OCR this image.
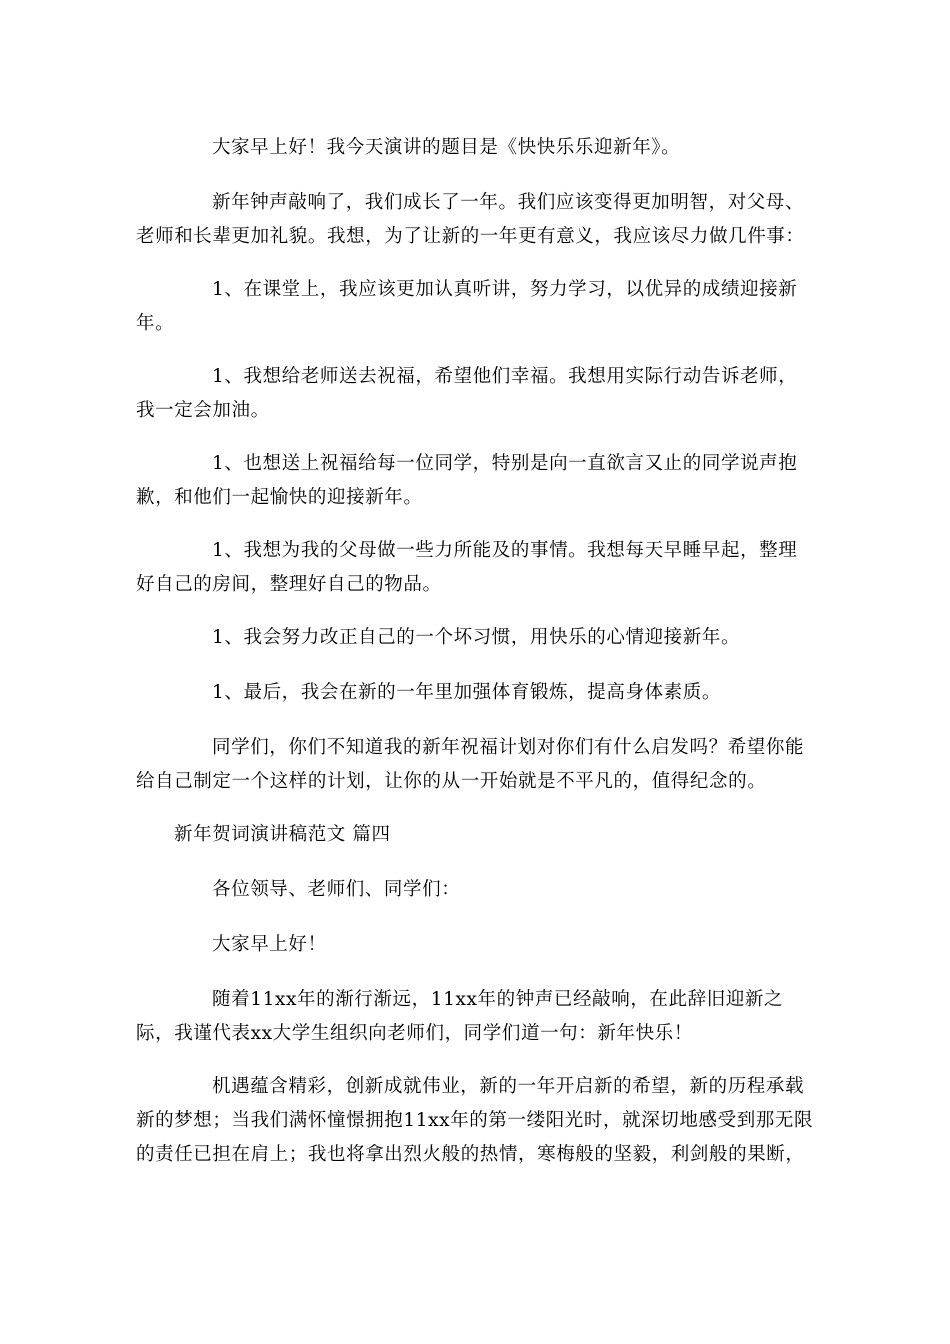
大家早上好！我今天演讲的题目是《快快乐乐迎新年》。

新年钟声敲响了，我们成长了一年。我们应该变得更加明智，对父母、老师和长辈更加礼貌。我想，为了让新的一年更有意义，我应该尽力做几件事：

1、在课堂上，我应该更加认真听讲，努力学习，以优异的成绩迎接新年。

1、我想给老师送去祝福，希望他们幸福。我想用实际行动告诉老师，我一定会加油。

1、也想送上祝福给每一位同学，特别是向一直欲言又止的同学说声抱歉，和他们一起愉快的迎接新年。

1、我想为我的父母做一些力所能及的事情。我想每天早睡早起，整理好自己的房间，整理好自己的物品。

1、我会努力改正自己的一个坏习惯，用快乐的心情迎接新年。

1、最后，我会在新的一年里加强体育锻炼，提高身体素质。

同学们，你们不知道我的新年祝福计划对你们有什么启发吗？希望你能给自己制定一个这样的计划，让你的从一开始就是不平凡的，值得纪念的。

新年贺词演讲稿范文 篇四

各位领导、老师们、同学们：

大家早上好！

随着11xx年的渐行渐远，11xx年的钟声已经敲响，在此辞旧迎新之际，我谨代表xx大学生组织向老师们，同学们道一句：新年快乐！

机遇蕴含精彩，创新成就伟业，新的一年开启新的希望，新的历程承载新的梦想；当我们满怀憧憬拥抱11xx年的第一缕阳光时，就深切地感受到那无限的责任已担在肩上；我也将拿出烈火般的热情，寒梅般的坚毅，利剑般的果断，
